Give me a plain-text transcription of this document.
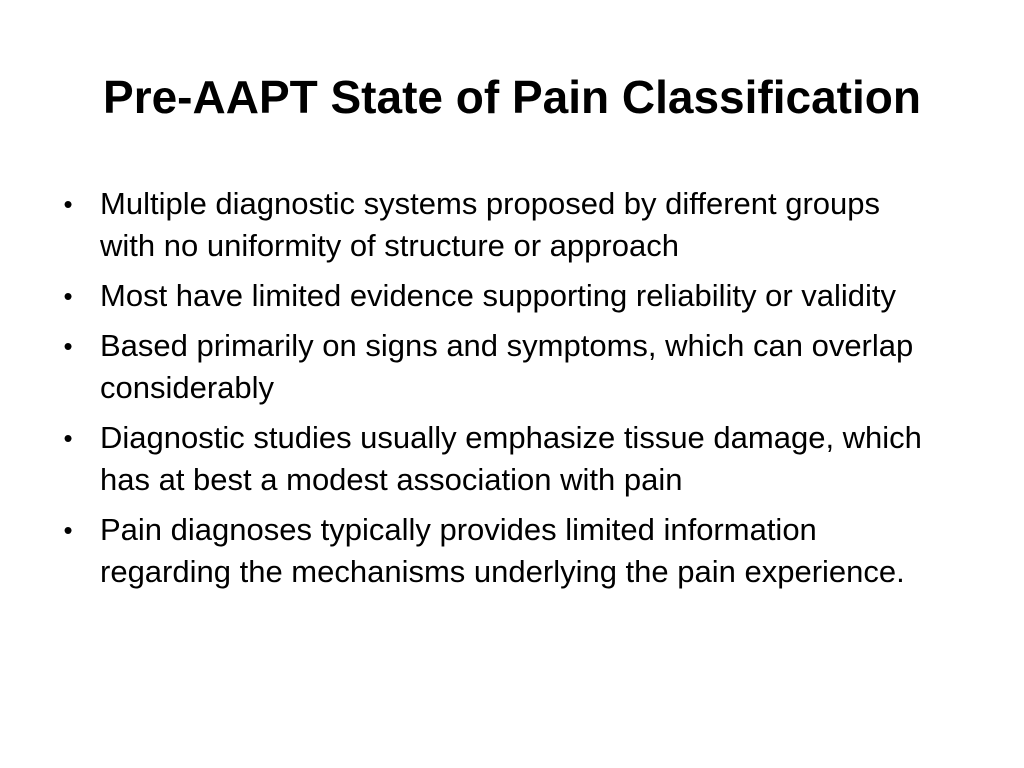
Pre-AAPT State of Pain Classification
• Multiple diagnostic systems proposed by different groups with no uniformity of structure or approach
• Most have limited evidence supporting reliability or validity
• Based primarily on signs and symptoms, which can overlap considerably
• Diagnostic studies usually emphasize tissue damage, which has at best a modest association with pain
• Pain diagnoses typically provides limited information regarding the mechanisms underlying the pain experience.
